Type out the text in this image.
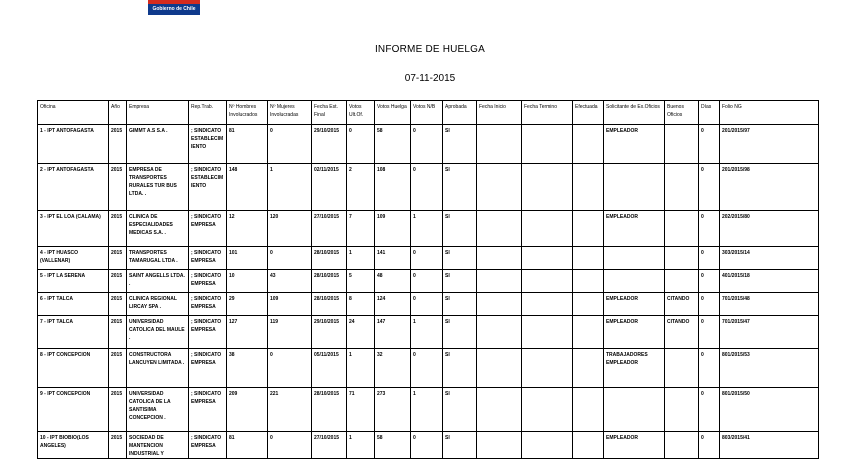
Gobierno de Chile
INFORME DE HUELGA
07-11-2015
Oficina	Año	Empresa	Rep.Trab.	Nº Hombres Involucrados	Nº Mujeres Involucradas	Fecha Est. Final	Votos Ult.Of.	Votos Huelga	Votos N/B	Aprobada	Fecha Inicio	Fecha Termino	Efectuada	Solicitante de Ex.Oficios	Buenos Oficios	Días	Folio NG
1 - IPT ANTOFAGASTA	2015	GIMMT A.S S.A .	; SINDICATO ESTABLECIMIENTO	81	0	29/10/2015	0	58	0	SI				EMPLEADOR		0	201/2015/97
2 - IPT ANTOFAGASTA	2015	EMPRESA DE TRANSPORTES RURALES TUR BUS LTDA. .	; SINDICATO ESTABLECIMIENTO	148	1	02/11/2015	2	108	0	SI						0	201/2015/98
3 - IPT EL LOA (CALAMA)	2015	CLINICA DE ESPECIALIDADES MEDICAS S.A. .	; SINDICATO EMPRESA	12	120	27/10/2015	7	109	1	SI				EMPLEADOR		0	202/2015/80
4 - IPT HUASCO (VALLENAR)	2015	TRANSPORTES TAMARUGAL LTDA .	; SINDICATO EMPRESA	101	0	28/10/2015	1	141	0	SI						0	303/2015/14
5 - IPT LA SERENA	2015	SAINT ANGELLS LTDA. .	; SINDICATO EMPRESA	10	43	28/10/2015	5	48	0	SI						0	401/2015/18
6 - IPT TALCA	2015	CLINICA REGIONAL LIRCAY SPA .	; SINDICATO EMPRESA	29	109	28/10/2015	8	124	0	SI				EMPLEADOR	CITANDO	0	701/2015/48
7 - IPT TALCA	2015	UNIVERSIDAD CATOLICA DEL MAULE .	; SINDICATO EMPRESA	127	119	29/10/2015	24	147	1	SI				EMPLEADOR	CITANDO	0	701/2015/47
8 - IPT CONCEPCION	2015	CONSTRUCTORA LANCUYEN LIMITADA .	; SINDICATO EMPRESA	38	0	05/11/2015	1	32	0	SI				TRABAJADORES EMPLEADOR		0	801/2015/53
9 - IPT CONCEPCION	2015	UNIVERSIDAD CATOLICA DE LA SANTISIMA CONCEPCION .	; SINDICATO EMPRESA	209	221	28/10/2015	71	273	1	SI						0	801/2015/50
10 - IPT BIOBIO(LOS ANGELES)	2015	SOCIEDAD DE MANTENCION INDUSTRIAL Y	; SINDICATO EMPRESA	81	0	27/10/2015	1	58	0	SI				EMPLEADOR		0	803/2015/41
